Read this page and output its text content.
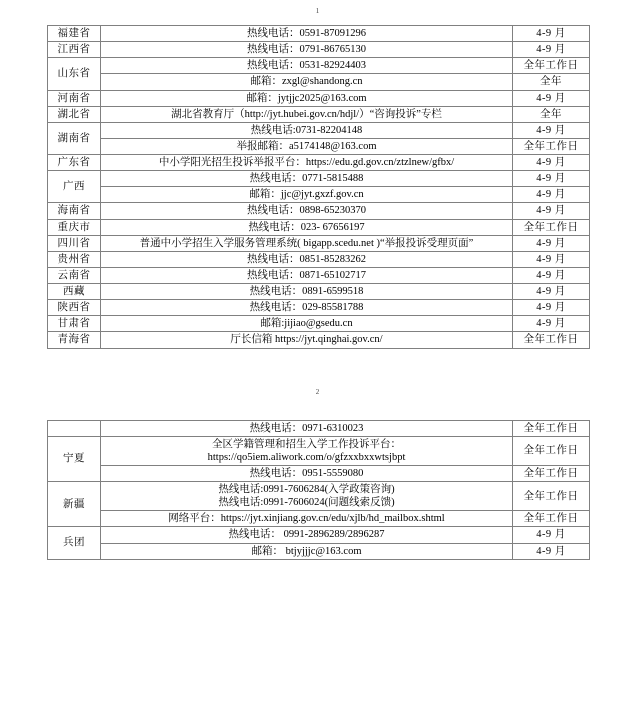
1
福建省	热线电话：0591-87091296	4-9 月
江西省	热线电话：0791-86765130	4-9 月
山东省	热线电话：0531-82924403	全年工作日

	邮箱：zxgl@shandong.cn	全年
河南省	邮箱：jytjjc2025@163.com	4-9 月
湖北省	湖北省教育厅（http://jyt.hubei.gov.cn/hdjl/）“咨询投诉”专栏	全年
湖南省	热线电话:0731-82204148	4-9 月

	举报邮箱：a5174148@163.com	全年工作日
广东省	中小学阳光招生投诉举报平台：https://edu.gd.gov.cn/ztzlnew/gfbx/	4-9 月
广西	热线电话：0771-5815488	4-9 月

	邮箱：jjc@jyt.gxzf.gov.cn	4-9 月
海南省	热线电话：0898-65230370	4-9 月
重庆市	热线电话：023- 67656197	全年工作日
四川省	普通中小学招生入学服务管理系统( bigapp.scedu.net )“举报投诉受理页面”	4-9 月
贵州省	热线电话：0851-85283262	4-9 月
云南省	热线电话：0871-65102717	4-9 月
西藏	热线电话：0891-6599518	4-9 月
陕西省	热线电话：029-85581788	4-9 月
甘肃省	邮箱:jijiao@gsedu.cn	4-9 月
青海省	厅长信箱 https://jyt.qinghai.gov.cn/	全年工作日
2

	热线电话：0971-6310023	全年工作日
宁夏	全区学籍管理和招生入学工作投诉平台：
https://qo5iem.aliwork.com/o/gfzxxbxxwtsjbpt	全年工作日

	热线电话：0951-5559080	全年工作日
新疆	热线电话:0991-7606284(入学政策咨询)
热线电话:0991-7606024(问题线索反馈)	全年工作日

	网络平台：https://jyt.xinjiang.gov.cn/edu/xjlb/hd_mailbox.shtml	全年工作日
兵团	热线电话： 0991-2896289/2896287	4-9 月

	邮箱： btjyjjjc@163.com	4-9 月
